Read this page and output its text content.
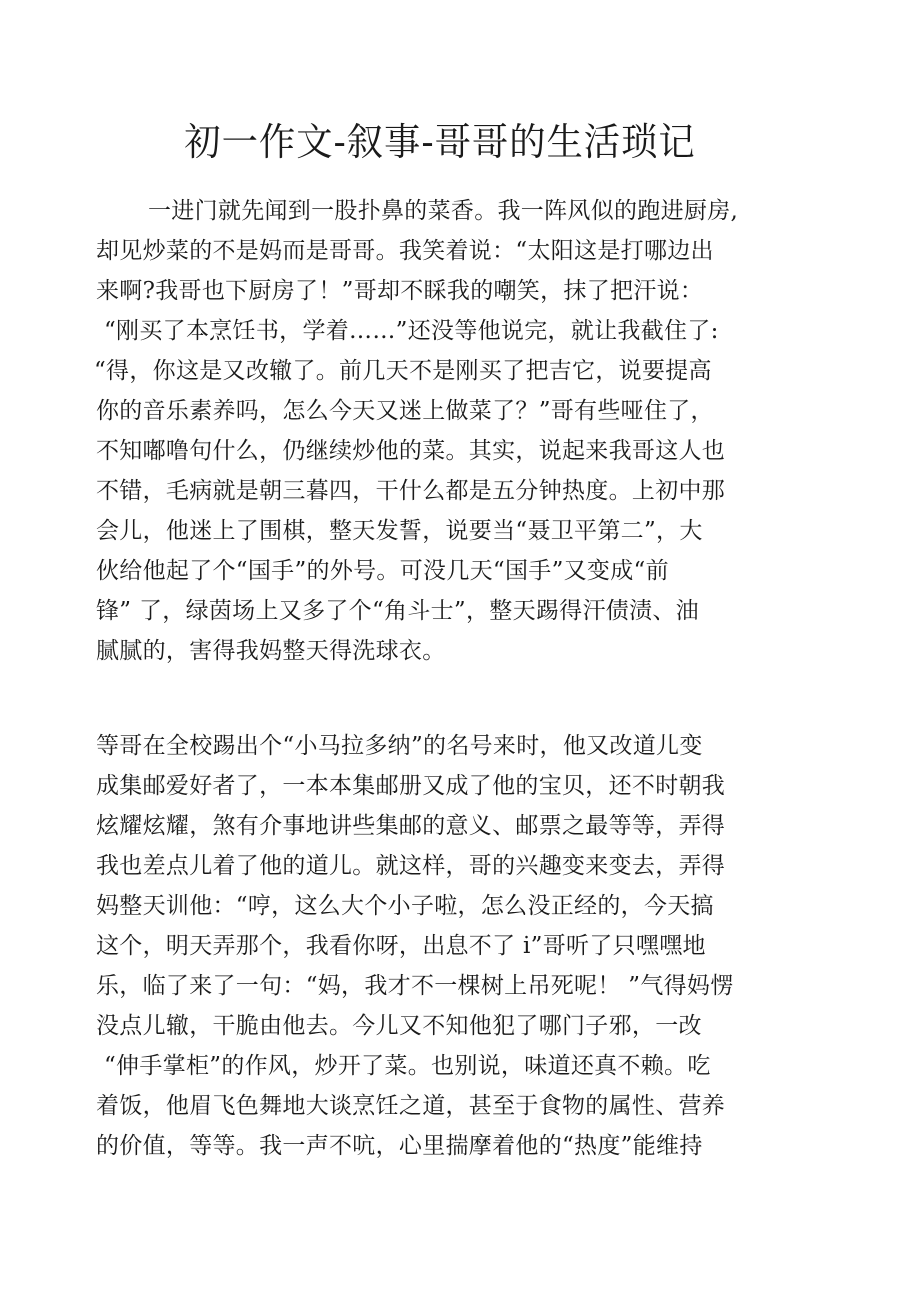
初一作文-叙事-哥哥的生活琐记
一进门就先闻到一股扑鼻的菜香。我一阵风似的跑进厨房,
却见炒菜的不是妈而是哥哥。我笑着说：“太阳这是打哪边出
来啊?我哥也下厨房了！”哥却不睬我的嘲笑，抹了把汗说：
“刚买了本烹饪书，学着……”还没等他说完，就让我截住了:
“得，你这是又改辙了。前几天不是刚买了把吉它，说要提高
你的音乐素养吗，怎么今天又迷上做菜了？”哥有些哑住了，
不知嘟噜句什么，仍继续炒他的菜。其实，说起来我哥这人也
不错，毛病就是朝三暮四，干什么都是五分钟热度。上初中那
会儿，他迷上了围棋，整天发誓，说要当“聂卫平第二”，大
伙给他起了个“国手”的外号。可没几天“国手”又变成“前
锋” 了，绿茵场上又多了个“角斗士”，整天踢得汗债渍、油
腻腻的，害得我妈整天得洗球衣。
等哥在全校踢出个“小马拉多纳”的名号来时，他又改道儿变
成集邮爱好者了，一本本集邮册又成了他的宝贝，还不时朝我
炫耀炫耀，煞有介事地讲些集邮的意义、邮票之最等等，弄得
我也差点儿着了他的道儿。就这样，哥的兴趣变来变去，弄得
妈整天训他：“哼，这么大个小子啦，怎么没正经的，今天搞
这个，明天弄那个，我看你呀，出息不了 i”哥听了只嘿嘿地
乐，临了来了一句：“妈，我才不一棵树上吊死呢！ ”气得妈愣
没点儿辙，干脆由他去。今儿又不知他犯了哪门子邪，一改
“伸手掌柜”的作风，炒开了菜。也别说，味道还真不赖。吃
着饭，他眉飞色舞地大谈烹饪之道，甚至于食物的属性、营养
的价值，等等。我一声不吭，心里揣摩着他的“热度”能维持
